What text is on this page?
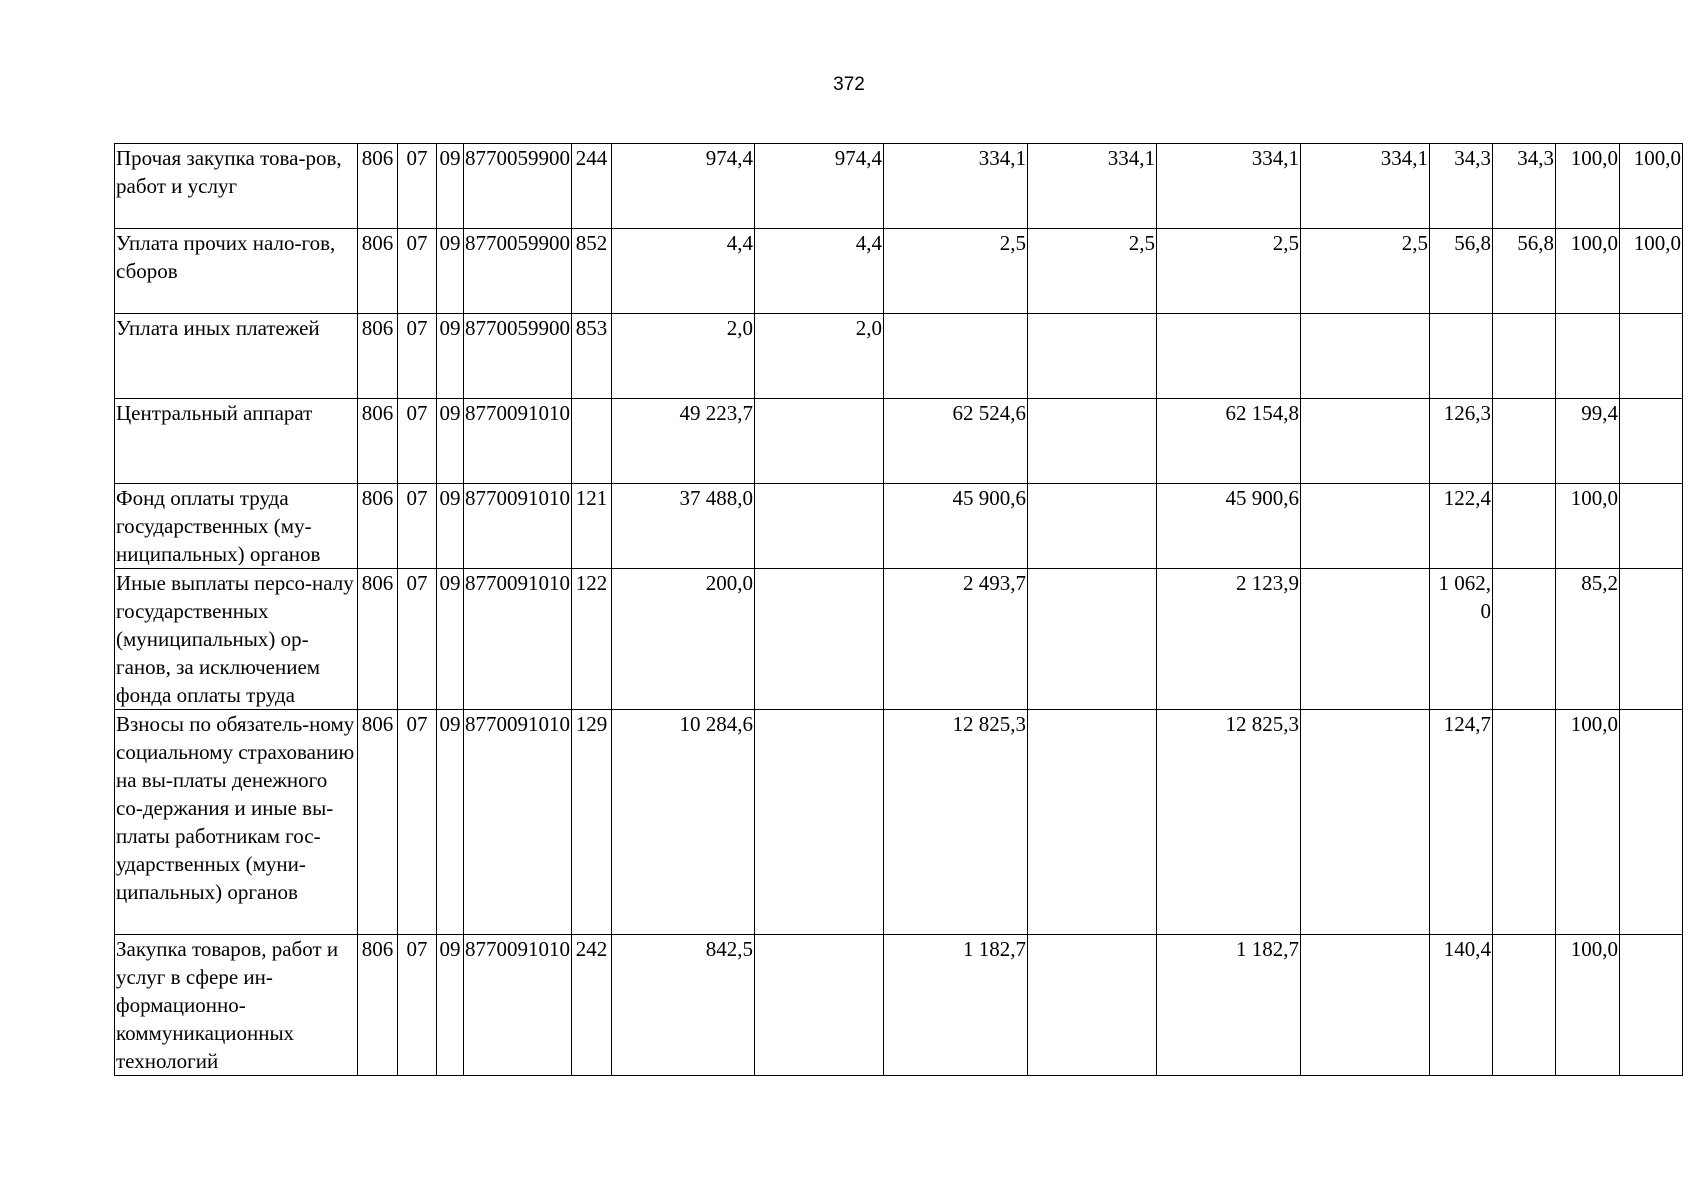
372
Прочая закупка това-ров, работ и услуг	806	07	09	8770059900	244	974,4	974,4	334,1	334,1	334,1	334,1	34,3	34,3	100,0	100,0
Уплата прочих нало-гов, сборов	806	07	09	8770059900	852	4,4	4,4	2,5	2,5	2,5	2,5	56,8	56,8	100,0	100,0
Уплата иных платежей	806	07	09	8770059900	853	2,0	2,0								
Центральный аппарат	806	07	09	8770091010		49 223,7		62 524,6		62 154,8		126,3		99,4	
Фонд оплаты труда государственных (му-ниципальных) органов	806	07	09	8770091010	121	37 488,0		45 900,6		45 900,6		122,4		100,0	
Иные выплаты персо-налу государственных (муниципальных) ор-ганов, за исключением фонда оплаты труда	806	07	09	8770091010	122	200,0		2 493,7		2 123,9		1 062,0		85,2	
Взносы по обязатель-ному социальному страхованию на вы-платы денежного со-держания и иные вы-платы работникам гос-ударственных (муни-ципальных) органов	806	07	09	8770091010	129	10 284,6		12 825,3		12 825,3		124,7		100,0	
Закупка товаров, работ и услуг в сфере ин-формационно-коммуникационных технологий	806	07	09	8770091010	242	842,5		1 182,7		1 182,7		140,4		100,0	
